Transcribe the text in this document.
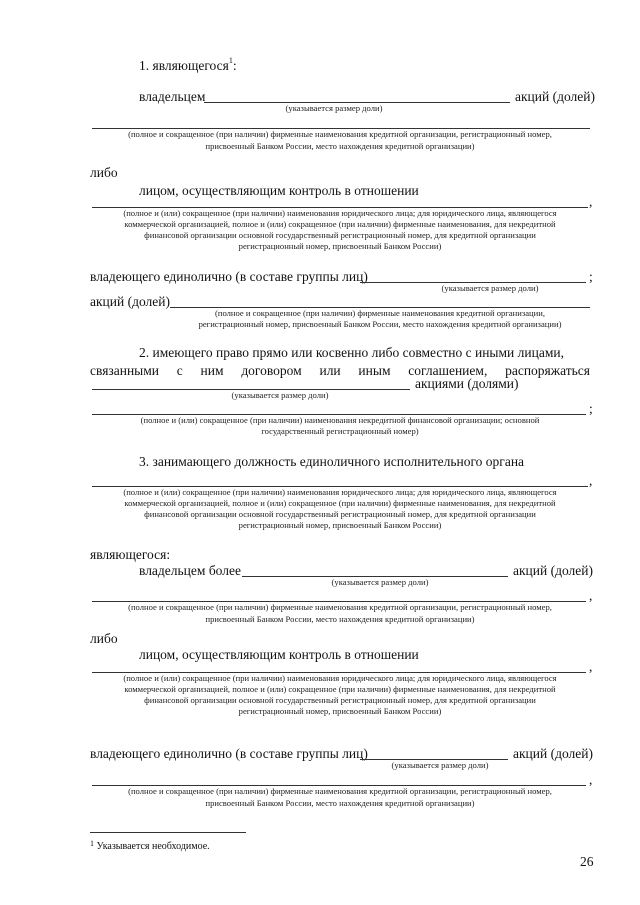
1. являющегося$^1$:
владельцем	акций (долей)
(указывается размер доли)
(полное и сокращенное (при наличии) фирменные наименования кредитной организации, регистрационный номер,
присвоенный Банком России, место нахождения кредитной организации)
либо
лицом, осуществляющим контроль в отношении
,
(полное и (или) сокращенное (при наличии) наименования юридического лица; для юридического лица, являющегося
коммерческой организацией, полное и (или) сокращенное (при наличии) фирменные наименования, для некредитной
финансовой организации основной государственный регистрационный номер, для кредитной организации
регистрационный номер, присвоенный Банком России)
владеющего единолично (в составе группы лиц)	;
(указывается размер доли)
акций (долей)
(полное и сокращенное (при наличии) фирменные наименования кредитной организации,
регистрационный номер, присвоенный Банком России, место нахождения кредитной организации)
2. имеющего право прямо или косвенно либо совместно с иными лицами,
связанными с ним договором или иным соглашением, распоряжаться
акциями (долями)
(указывается размер доли)
;
(полное и (или) сокращенное (при наличии) наименования некредитной финансовой организации; основной
государственный регистрационный номер)
3. занимающего должность единоличного исполнительного органа
,
(полное и (или) сокращенное (при наличии) наименования юридического лица; для юридического лица, являющегося
коммерческой организацией, полное и (или) сокращенное (при наличии) фирменные наименования, для некредитной
финансовой организации основной государственный регистрационный номер, для кредитной организации
регистрационный номер, присвоенный Банком России)
являющегося:
владельцем более	акций (долей)
(указывается размер доли)
,
(полное и сокращенное (при наличии) фирменные наименования кредитной организации, регистрационный номер,
присвоенный Банком России, место нахождения кредитной организации)
либо
лицом, осуществляющим контроль в отношении
,
(полное и (или) сокращенное (при наличии) наименования юридического лица; для юридического лица, являющегося
коммерческой организацией, полное и (или) сокращенное (при наличии) фирменные наименования, для некредитной
финансовой организации основной государственный регистрационный номер, для кредитной организации
регистрационный номер, присвоенный Банком России)
владеющего единолично (в составе группы лиц)	акций (долей)
(указывается размер доли)
,
(полное и сокращенное (при наличии) фирменные наименования кредитной организации, регистрационный номер,
присвоенный Банком России, место нахождения кредитной организации)
$^1$ Указывается необходимое.
26
